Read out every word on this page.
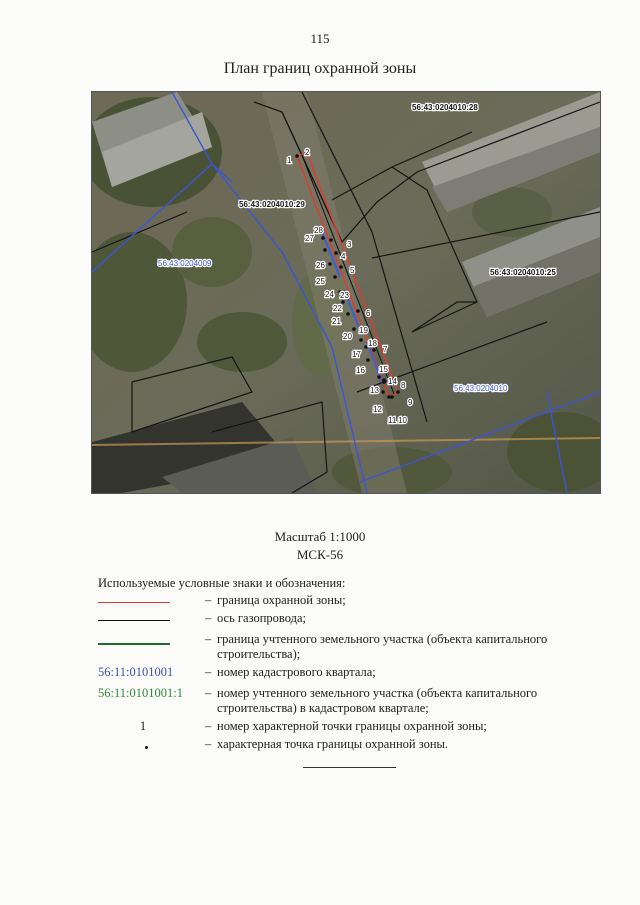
115
План границ охранной зоны
56:43:0204010:28
56:43:0204010:29
56:43:0204010:25
56:43:0204009
56:43:0204010
1
2
3
4
5
6
7
8
9
10
11
12
13
14
15
16
17
18
19
20
21
22
23
24
25
26
27
28
Масштаб 1:1000
МСК-56
Используемые условные знаки и обозначения:
– граница охранной зоны;
– ось газопровода;
– граница учтенного земельного участка (объекта капитального строительства);
56:11:0101001	– номер кадастрового квартала;
56:11:0101001:1	– номер учтенного земельного участка (объекта капитального строительства) в кадастровом квартале;
1	– номер характерной точки границы охранной зоны;
– характерная точка границы охранной зоны.
